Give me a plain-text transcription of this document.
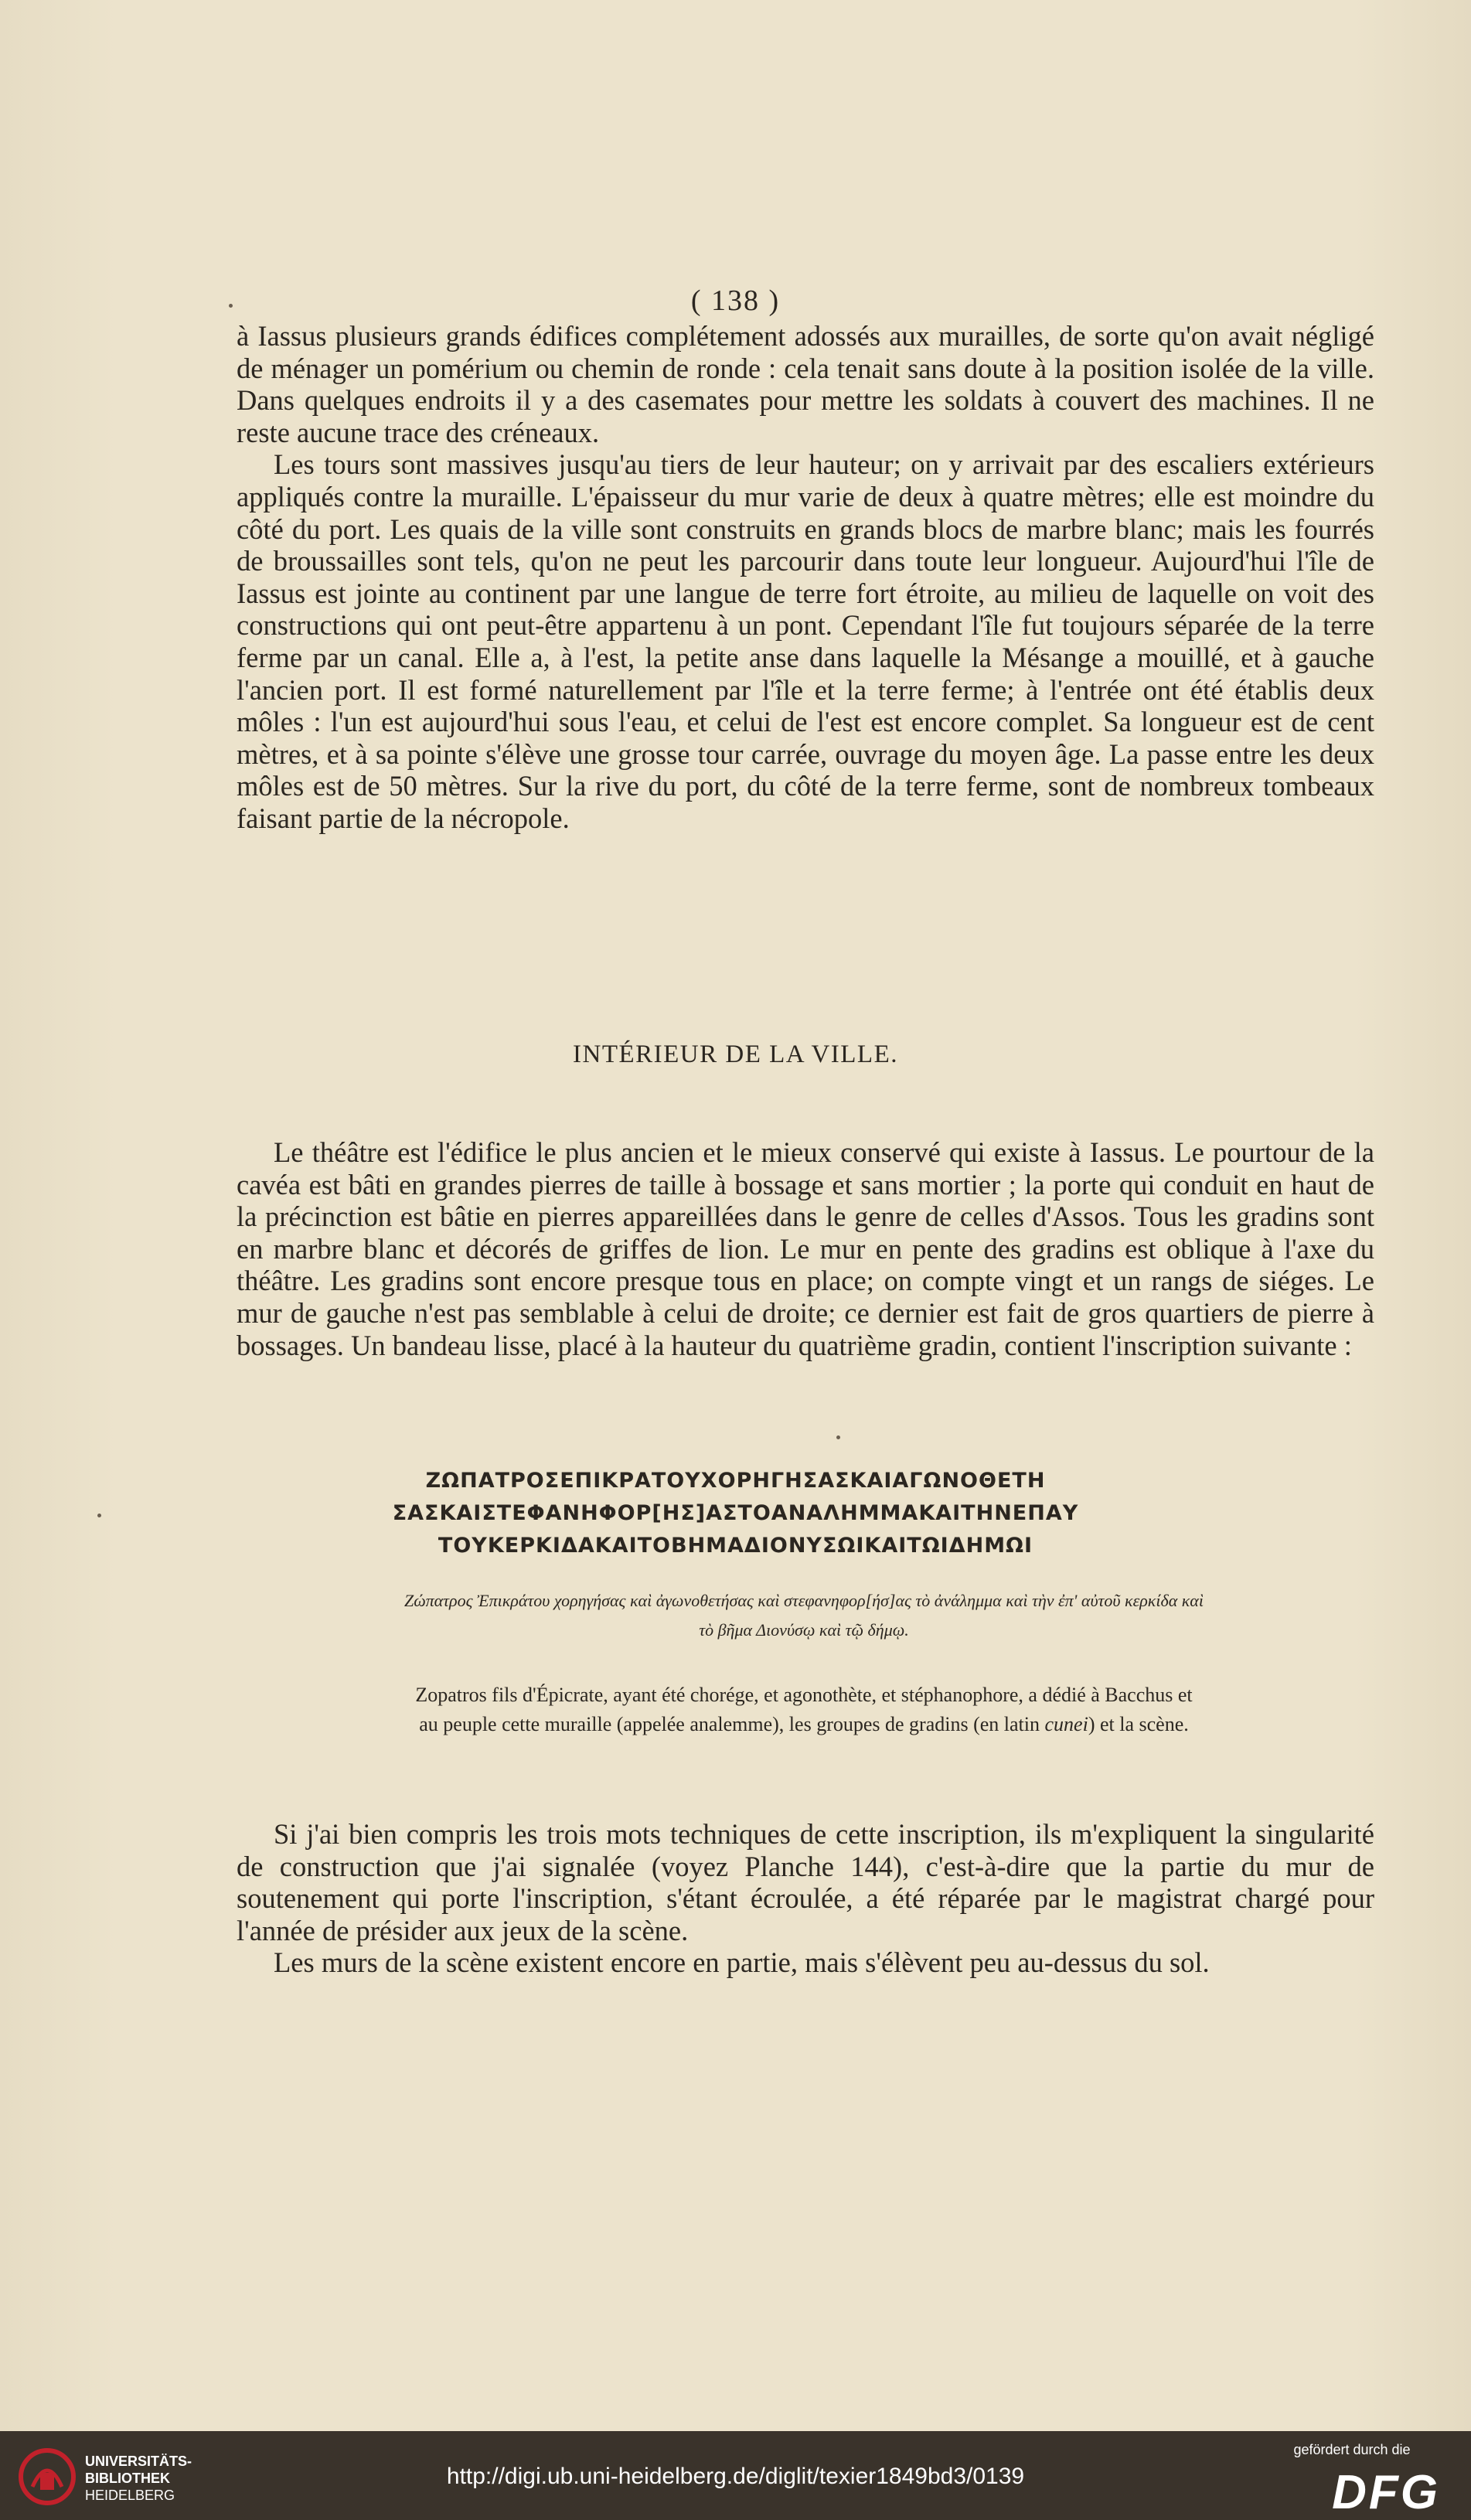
( 138 )

à Iassus plusieurs grands édifices complétement adossés aux murailles, de sorte qu'on avait négligé de ménager un pomérium ou chemin de ronde : cela tenait sans doute à la position isolée de la ville. Dans quelques endroits il y a des casemates pour mettre les soldats à couvert des machines. Il ne reste aucune trace des créneaux.

Les tours sont massives jusqu'au tiers de leur hauteur; on y arrivait par des escaliers extérieurs appliqués contre la muraille. L'épaisseur du mur varie de deux à quatre mètres; elle est moindre du côté du port. Les quais de la ville sont construits en grands blocs de marbre blanc; mais les fourrés de broussailles sont tels, qu'on ne peut les parcourir dans toute leur longueur. Aujourd'hui l'île de Iassus est jointe au continent par une langue de terre fort étroite, au milieu de laquelle on voit des constructions qui ont peut-être appartenu à un pont. Cependant l'île fut toujours séparée de la terre ferme par un canal. Elle a, à l'est, la petite anse dans laquelle la Mésange a mouillé, et à gauche l'ancien port. Il est formé naturellement par l'île et la terre ferme; à l'entrée ont été établis deux môles : l'un est aujourd'hui sous l'eau, et celui de l'est est encore complet. Sa longueur est de cent mètres, et à sa pointe s'élève une grosse tour carrée, ouvrage du moyen âge. La passe entre les deux môles est de 50 mètres. Sur la rive du port, du côté de la terre ferme, sont de nombreux tombeaux faisant partie de la nécropole.

INTÉRIEUR DE LA VILLE.

Le théâtre est l'édifice le plus ancien et le mieux conservé qui existe à Iassus. Le pourtour de la cavéa est bâti en grandes pierres de taille à bossage et sans mortier ; la porte qui conduit en haut de la précinction est bâtie en pierres appareillées dans le genre de celles d'Assos. Tous les gradins sont en marbre blanc et décorés de griffes de lion. Le mur en pente des gradins est oblique à l'axe du théâtre. Les gradins sont encore presque tous en place; on compte vingt et un rangs de siéges. Le mur de gauche n'est pas semblable à celui de droite; ce dernier est fait de gros quartiers de pierre à bossages. Un bandeau lisse, placé à la hauteur du quatrième gradin, contient l'inscription suivante :

ΖΩΠΑΤΡΟΣΕΠΙΚΡΑΤΟΥΧΟΡΗΓΗΣΑΣΚΑΙΑΓΩΝΟΘΕΤΗ
ΣΑΣΚΑΙΣΤΕΦΑΝΗΦΟΡ[ΗΣ]ΑΣΤΟΑΝΑΛΗΜΜΑΚΑΙΤΗΝΕΠΑΥ
ΤΟΥΚΕΡΚΙΔΑΚΑΙΤΟΒΗΜΑΔΙΟΝΥΣΩΙΚΑΙΤΩΙΔΗΜΩΙ
Ζώπατρος Ἐπικράτου χορηγήσας καὶ ἀγωνοθετήσας καὶ στεφανηφορ[ήσ]ας τὸ ἀνάλημμα καὶ τὴν ἐπ' αὐτοῦ κερκίδα καὶ
τὸ βῆμα Διονύσῳ καὶ τῷ δήμῳ.
Zopatros fils d'Épicrate, ayant été chorége, et agonothète, et stéphanophore, a dédié à Bacchus et
au peuple cette muraille (appelée analemme), les groupes de gradins (en latin cunei) et la scène.

Si j'ai bien compris les trois mots techniques de cette inscription, ils m'expliquent la singularité de construction que j'ai signalée (voyez Planche 144), c'est-à-dire que la partie du mur de soutenement qui porte l'inscription, s'étant écroulée, a été réparée par le magistrat chargé pour l'année de présider aux jeux de la scène.

Les murs de la scène existent encore en partie, mais s'élèvent peu au-dessus du sol.

UNIVERSITÄTS-
BIBLIOTHEK
HEIDELBERG
http://digi.ub.uni-heidelberg.de/diglit/texier1849bd3/0139
gefördert durch die
DFG
